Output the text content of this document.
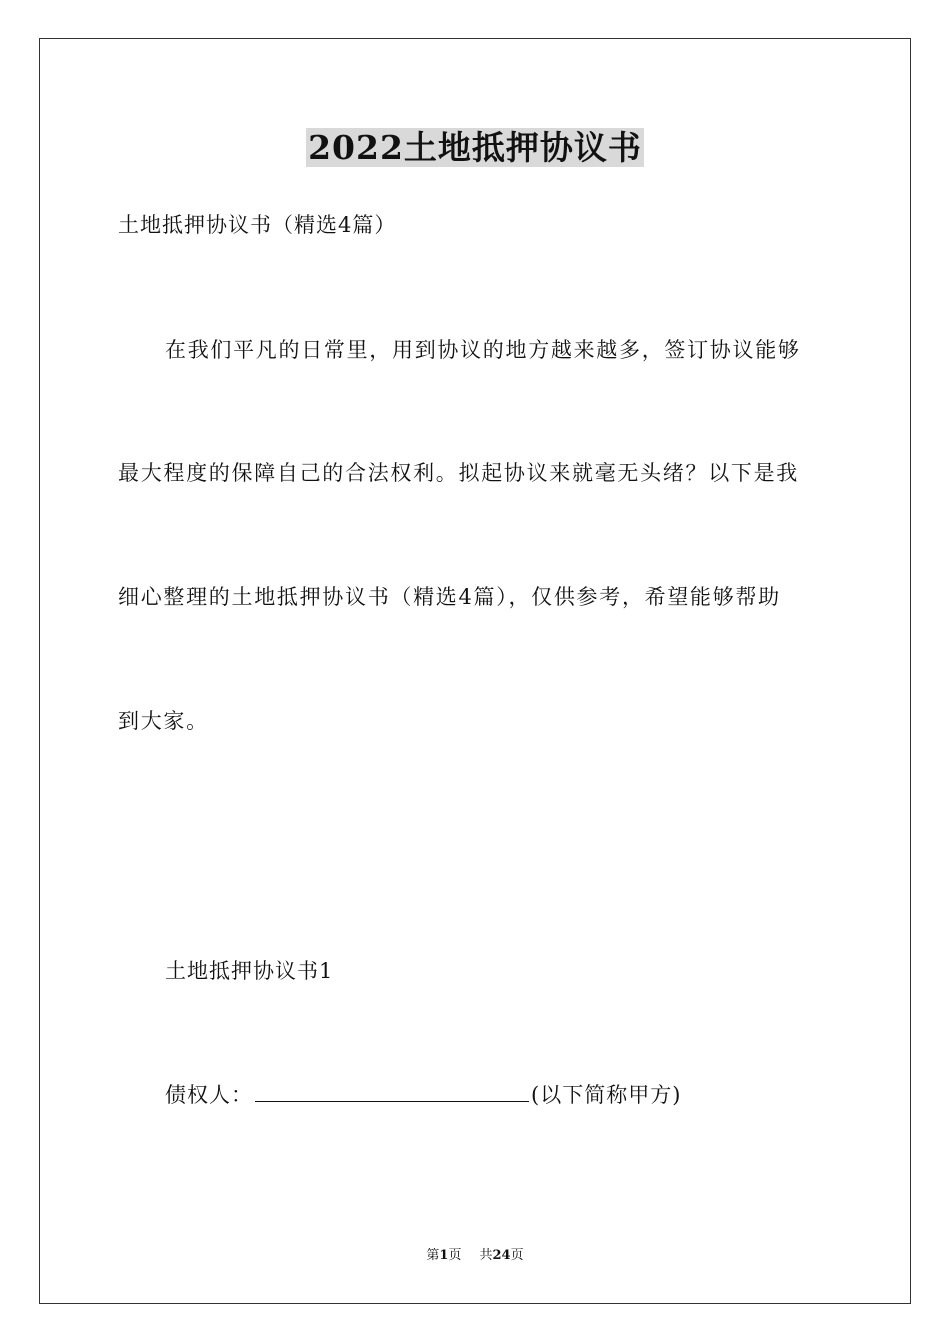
2022土地抵押协议书

土地抵押协议书（精选4篇）

在我们平凡的日常里，用到协议的地方越来越多，签订协议能够

最大程度的保障自己的合法权利。拟起协议来就毫无头绪？以下是我

细心整理的土地抵押协议书（精选4篇），仅供参考，希望能够帮助

到大家。

土地抵押协议书1

债权人：	(以下简称甲方)

第1页 共24页
